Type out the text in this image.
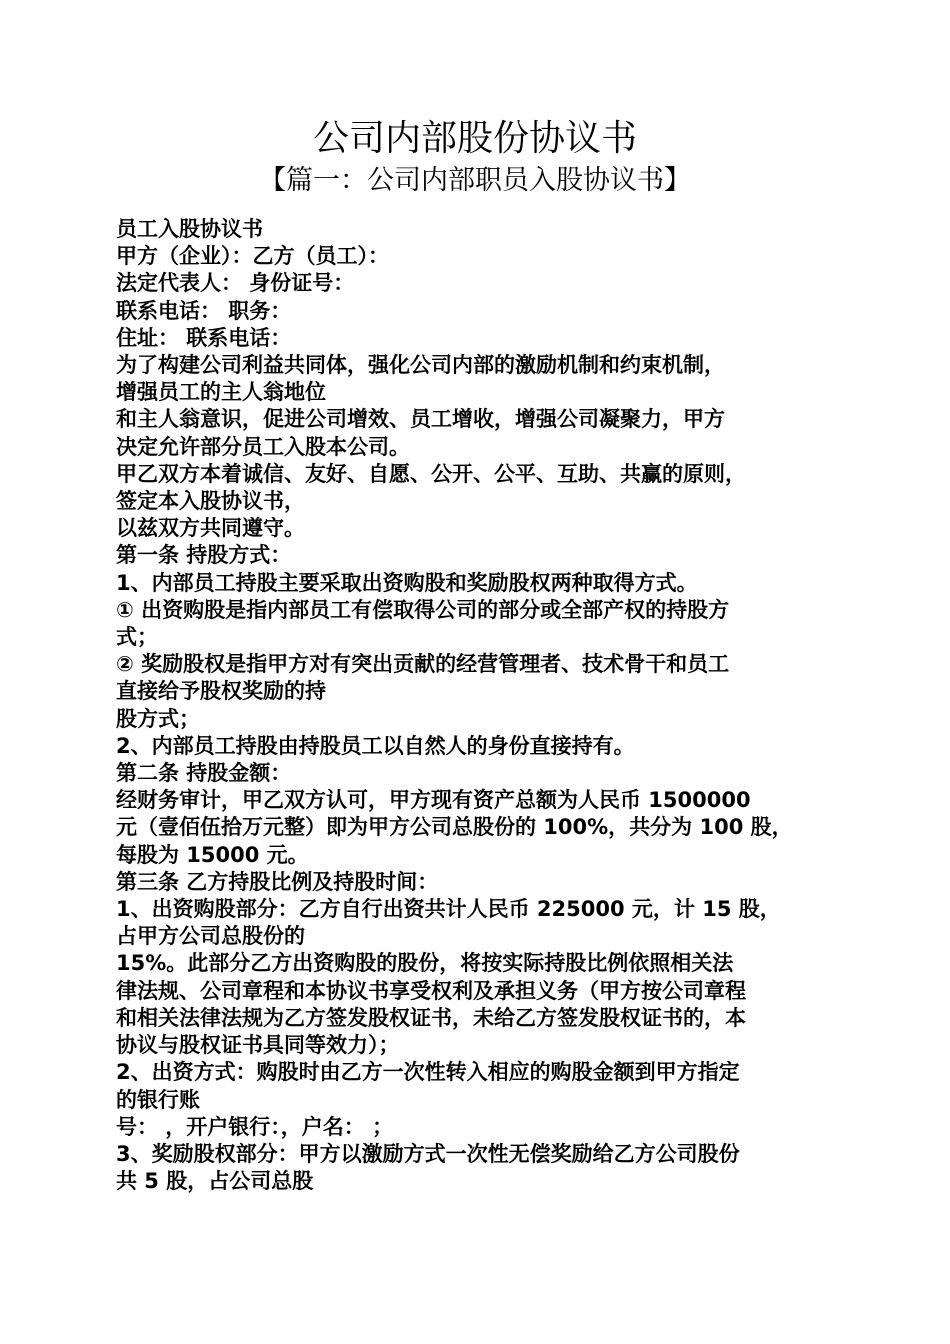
公司内部股份协议书
【篇一：公司内部职员入股协议书】

员工入股协议书

甲方（企业）：乙方（员工）：

法定代表人： 身份证号：

联系电话： 职务：

住址： 联系电话：

为了构建公司利益共同体，强化公司内部的激励机制和约束机制，

增强员工的主人翁地位

和主人翁意识，促进公司增效、员工增收，增强公司凝聚力，甲方

决定允许部分员工入股本公司。

甲乙双方本着诚信、友好、自愿、公开、公平、互助、共赢的原则，

签定本入股协议书，

以兹双方共同遵守。

第一条 持股方式：

1、内部员工持股主要采取出资购股和奖励股权两种取得方式。

① 出资购股是指内部员工有偿取得公司的部分或全部产权的持股方

式；

② 奖励股权是指甲方对有突出贡献的经营管理者、技术骨干和员工

直接给予股权奖励的持

股方式；

2、内部员工持股由持股员工以自然人的身份直接持有。

第二条 持股金额：

经财务审计，甲乙双方认可，甲方现有资产总额为人民币 1500000

元（壹佰伍拾万元整）即为甲方公司总股份的 100%，共分为 100 股，

每股为 15000 元。

第三条 乙方持股比例及持股时间：

1、出资购股部分：乙方自行出资共计人民币 225000 元，计 15 股，

占甲方公司总股份的

15%。此部分乙方出资购股的股份，将按实际持股比例依照相关法

律法规、公司章程和本协议书享受权利及承担义务（甲方按公司章程

和相关法律法规为乙方签发股权证书，未给乙方签发股权证书的，本

协议与股权证书具同等效力）；

2、出资方式：购股时由乙方一次性转入相应的购股金额到甲方指定

的银行账

号： ，开户银行：，户名： ；

3、奖励股权部分：甲方以激励方式一次性无偿奖励给乙方公司股份

共 5 股，占公司总股
